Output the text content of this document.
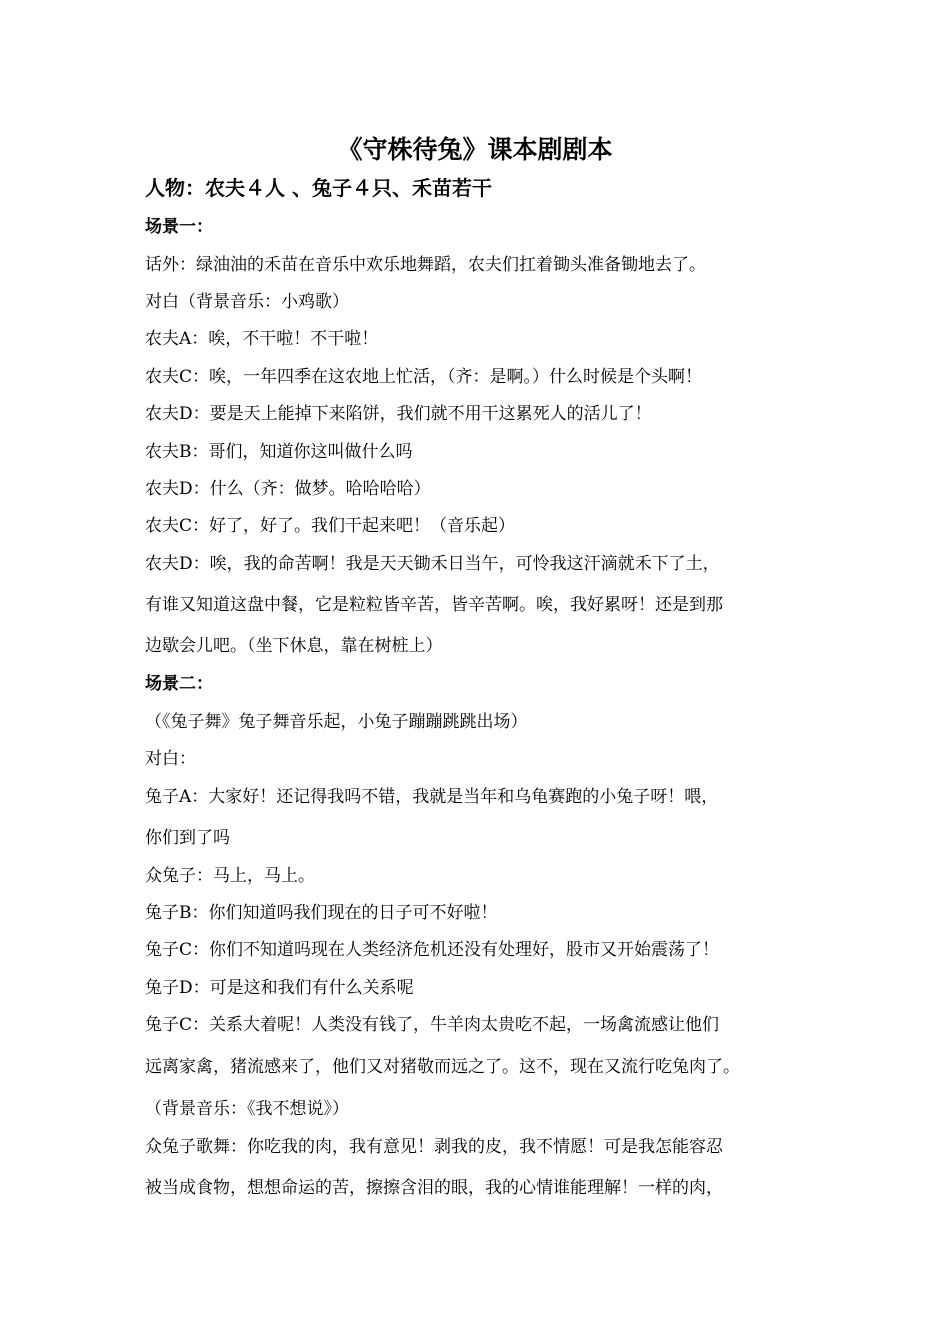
《守株待兔》课本剧剧本
人物：农夫４人 、兔子４只、禾苗若干
场景一：
话外：绿油油的禾苗在音乐中欢乐地舞蹈，农夫们扛着锄头准备锄地去了。
对白（背景音乐：小鸡歌）
农夫A：唉，不干啦！不干啦！
农夫C：唉，一年四季在这农地上忙活，（齐：是啊。）什么时候是个头啊！
农夫D：要是天上能掉下来陷饼，我们就不用干这累死人的活儿了！
农夫B：哥们，知道你这叫做什么吗
农夫D：什么（齐：做梦。哈哈哈哈）
农夫C：好了，好了。我们干起来吧！（音乐起）
农夫D：唉，我的命苦啊！我是天天锄禾日当午，可怜我这汗滴就禾下了土，
有谁又知道这盘中餐，它是粒粒皆辛苦，皆辛苦啊。唉，我好累呀！还是到那
边歇会儿吧。（坐下休息，靠在树桩上）
场景二：
（《兔子舞》兔子舞音乐起，小兔子蹦蹦跳跳出场）
对白：
兔子A：大家好！还记得我吗不错，我就是当年和乌龟赛跑的小兔子呀！喂，
你们到了吗
众兔子：马上，马上。
兔子B：你们知道吗我们现在的日子可不好啦！
兔子C：你们不知道吗现在人类经济危机还没有处理好，股市又开始震荡了！
兔子D：可是这和我们有什么关系呢
兔子C：关系大着呢！人类没有钱了，牛羊肉太贵吃不起，一场禽流感让他们
远离家禽，猪流感来了，他们又对猪敬而远之了。这不，现在又流行吃兔肉了。
（背景音乐：《我不想说》）
众兔子歌舞：你吃我的肉，我有意见！剥我的皮，我不情愿！可是我怎能容忍
被当成食物，想想命运的苦，擦擦含泪的眼，我的心情谁能理解！一样的肉，
